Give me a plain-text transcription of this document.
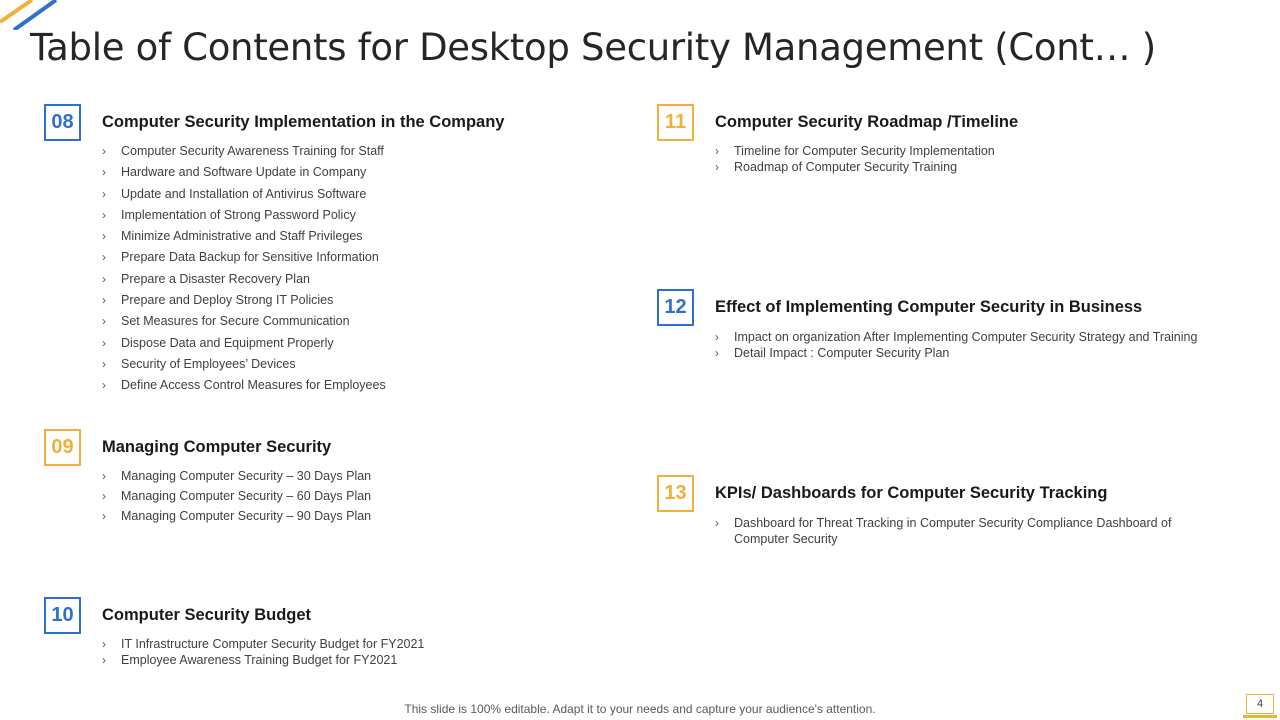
Table of Contents for Desktop Security Management (Cont… )
08	Computer Security Implementation in the Company
› Computer Security Awareness Training for Staff
› Hardware and Software Update in Company
› Update and Installation of Antivirus Software
› Implementation of Strong Password Policy
› Minimize Administrative and Staff Privileges
› Prepare Data Backup for Sensitive Information
› Prepare a Disaster Recovery Plan
› Prepare and Deploy Strong IT Policies
› Set Measures for Secure Communication
› Dispose Data and Equipment Properly
› Security of Employees’ Devices
› Define Access Control Measures for Employees
09	Managing Computer Security
› Managing Computer Security – 30 Days Plan
› Managing Computer Security – 60 Days Plan
› Managing Computer Security – 90 Days Plan
10	Computer Security Budget
› IT Infrastructure Computer Security Budget for FY2021
› Employee Awareness Training Budget for FY2021
11	Computer Security Roadmap /Timeline
› Timeline for Computer Security Implementation
› Roadmap of Computer Security Training
12	Effect of Implementing Computer Security in Business
› Impact on organization After Implementing Computer Security Strategy and Training
› Detail Impact : Computer Security Plan
13	KPIs/ Dashboards for Computer Security Tracking
› Dashboard for Threat Tracking in Computer Security Compliance Dashboard of Computer Security
This slide is 100% editable. Adapt it to your needs and capture your audience's attention.	4
